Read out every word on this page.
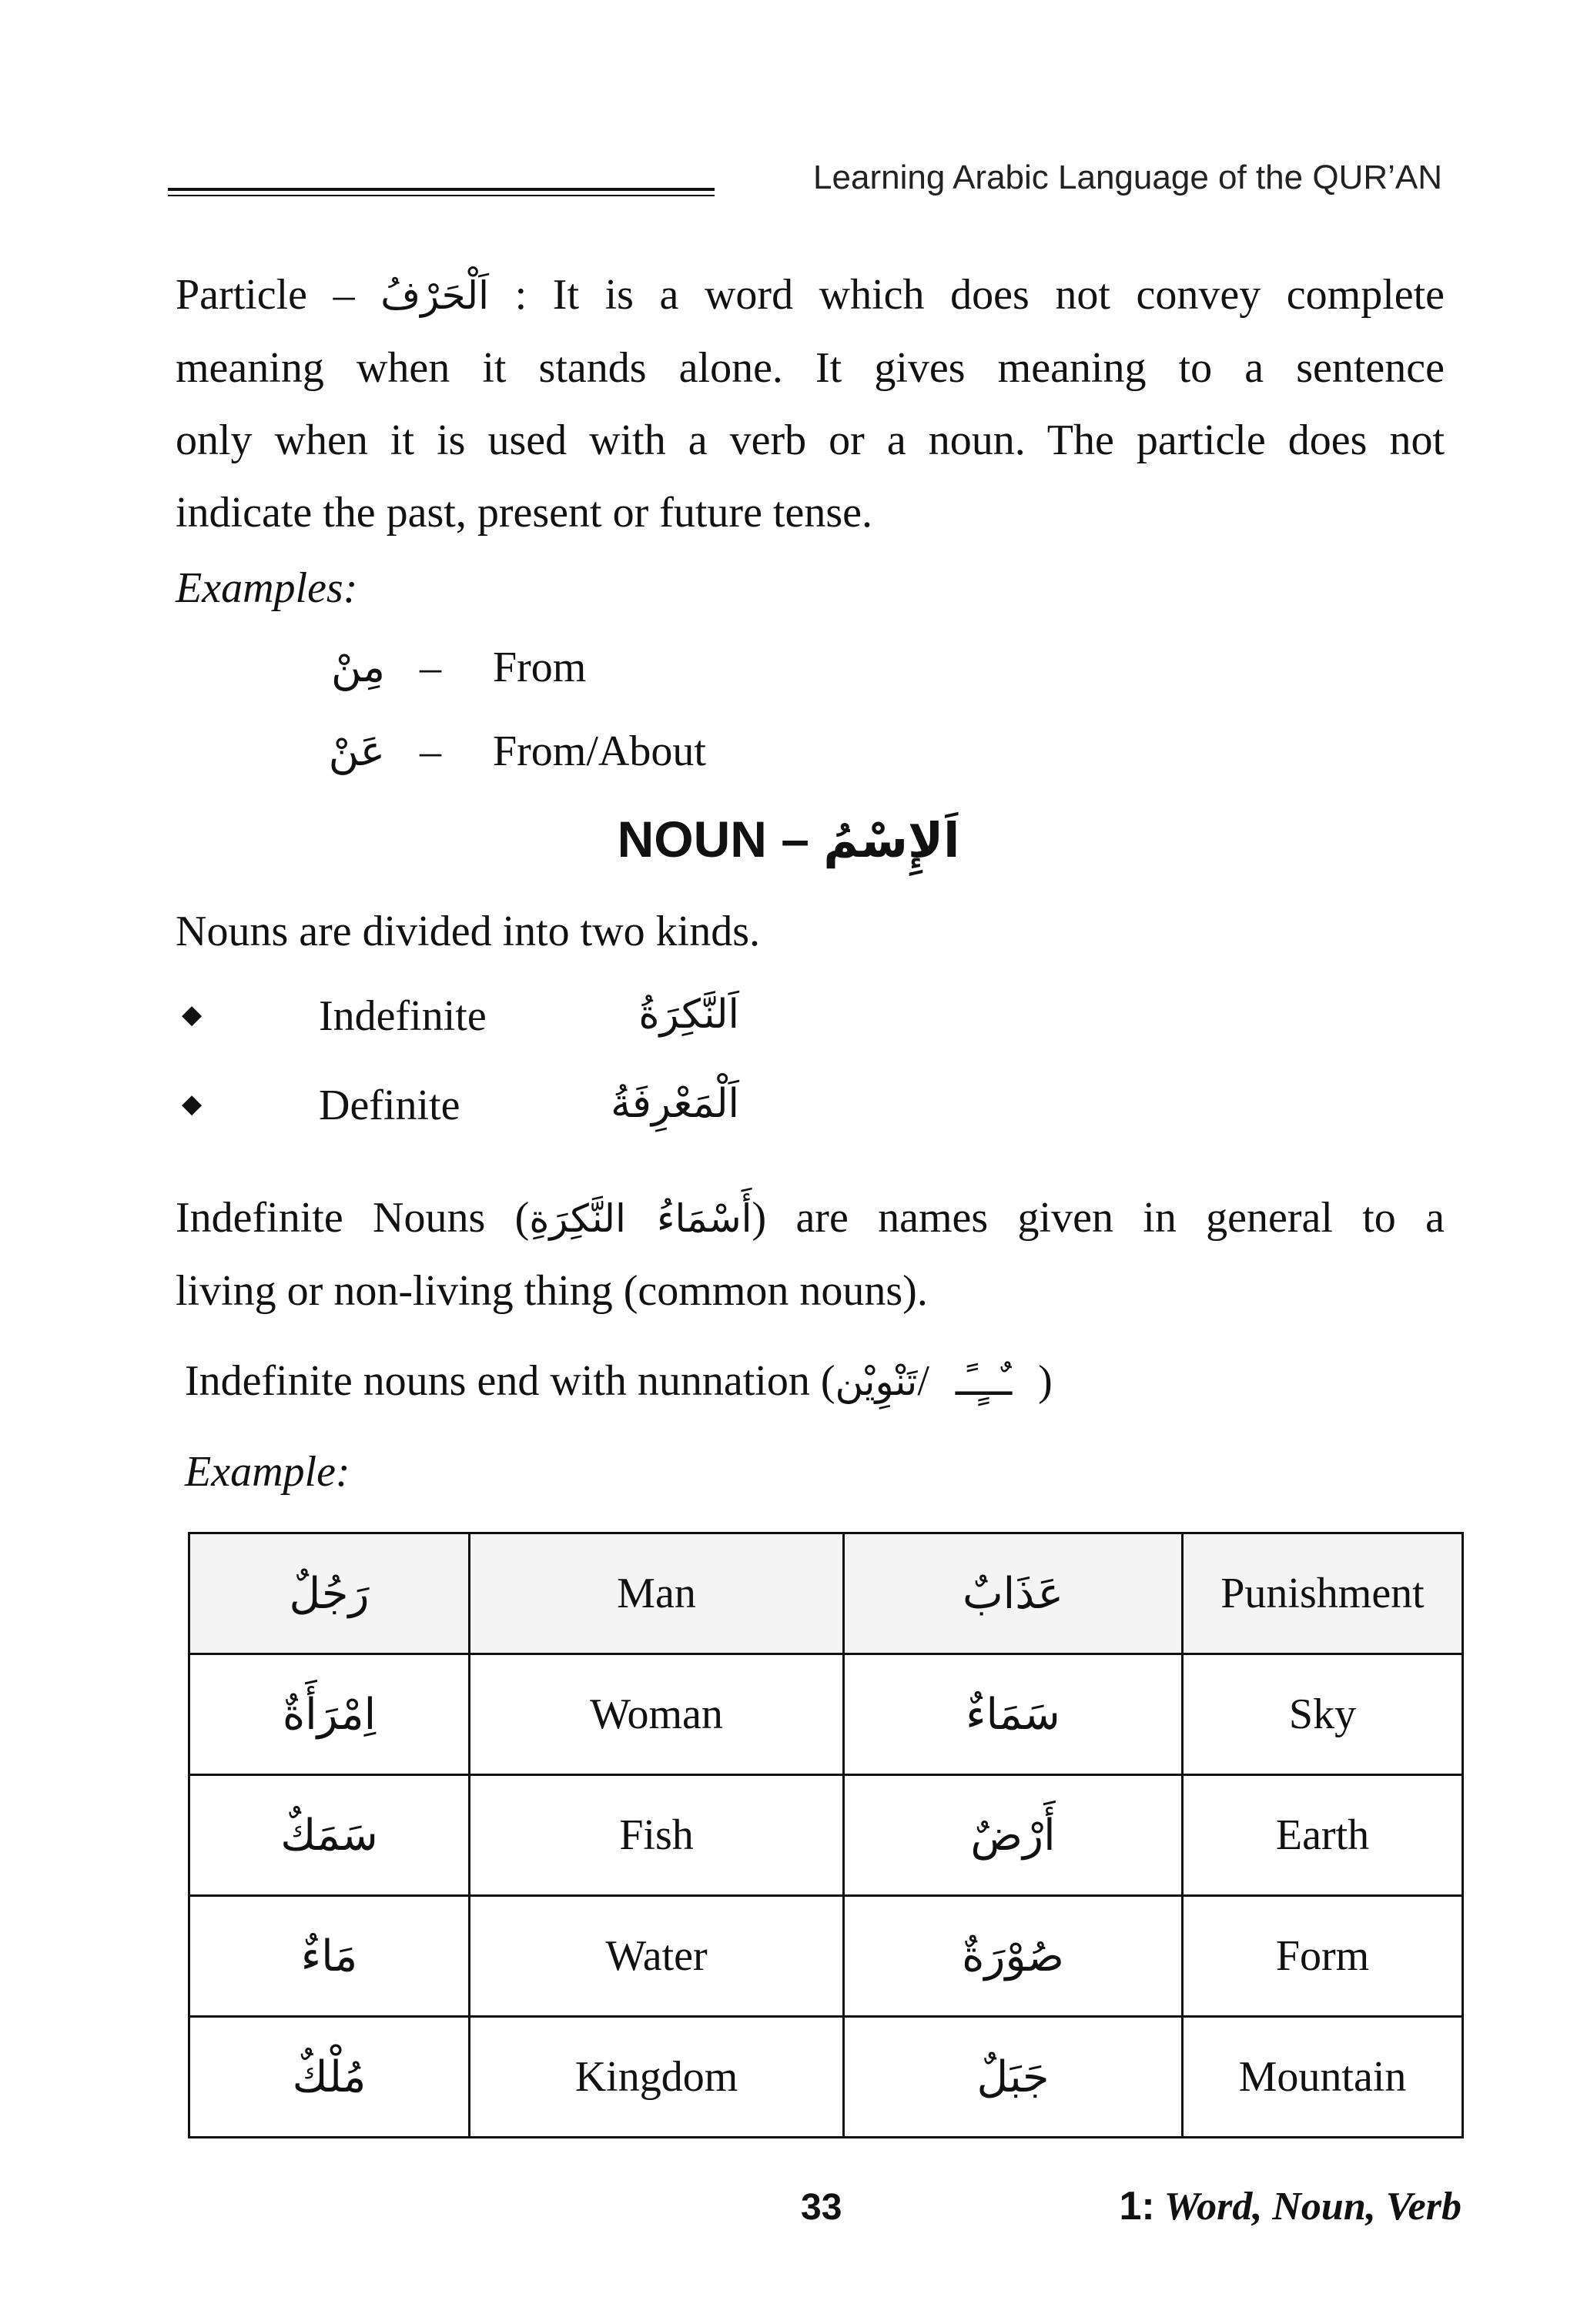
Learning Arabic Language of the QUR’AN
Particle – اَلْحَرْفُ : It is a word which does not convey complete
meaning when it stands alone. It gives meaning to a sentence
only when it is used with a verb or a noun. The particle does not
indicate the past, present or future tense.
Examples:
مِنْ – From
عَنْ – From/About
NOUN – اَلإِسْمُ
Nouns are divided into two kinds.
◆	Indefinite	اَلنَّكِرَةُ
◆	Definite	اَلْمَعْرِفَةُ
Indefinite Nouns (أَسْمَاءُ النَّكِرَةِ) are names given in general to a
living or non-living thing (common nouns).
Indefinite nouns end with nunnation (تَنْوِيْن/ ـٌــٍـًـ )
Example:
رَجُلٌ	Man	عَذَابٌ	Punishment
اِمْرَأَةٌ	Woman	سَمَاءٌ	Sky
سَمَكٌ	Fish	أَرْضٌ	Earth
مَاءٌ	Water	صُوْرَةٌ	Form
مُلْكٌ	Kingdom	جَبَلٌ	Mountain
33	1: Word, Noun, Verb
